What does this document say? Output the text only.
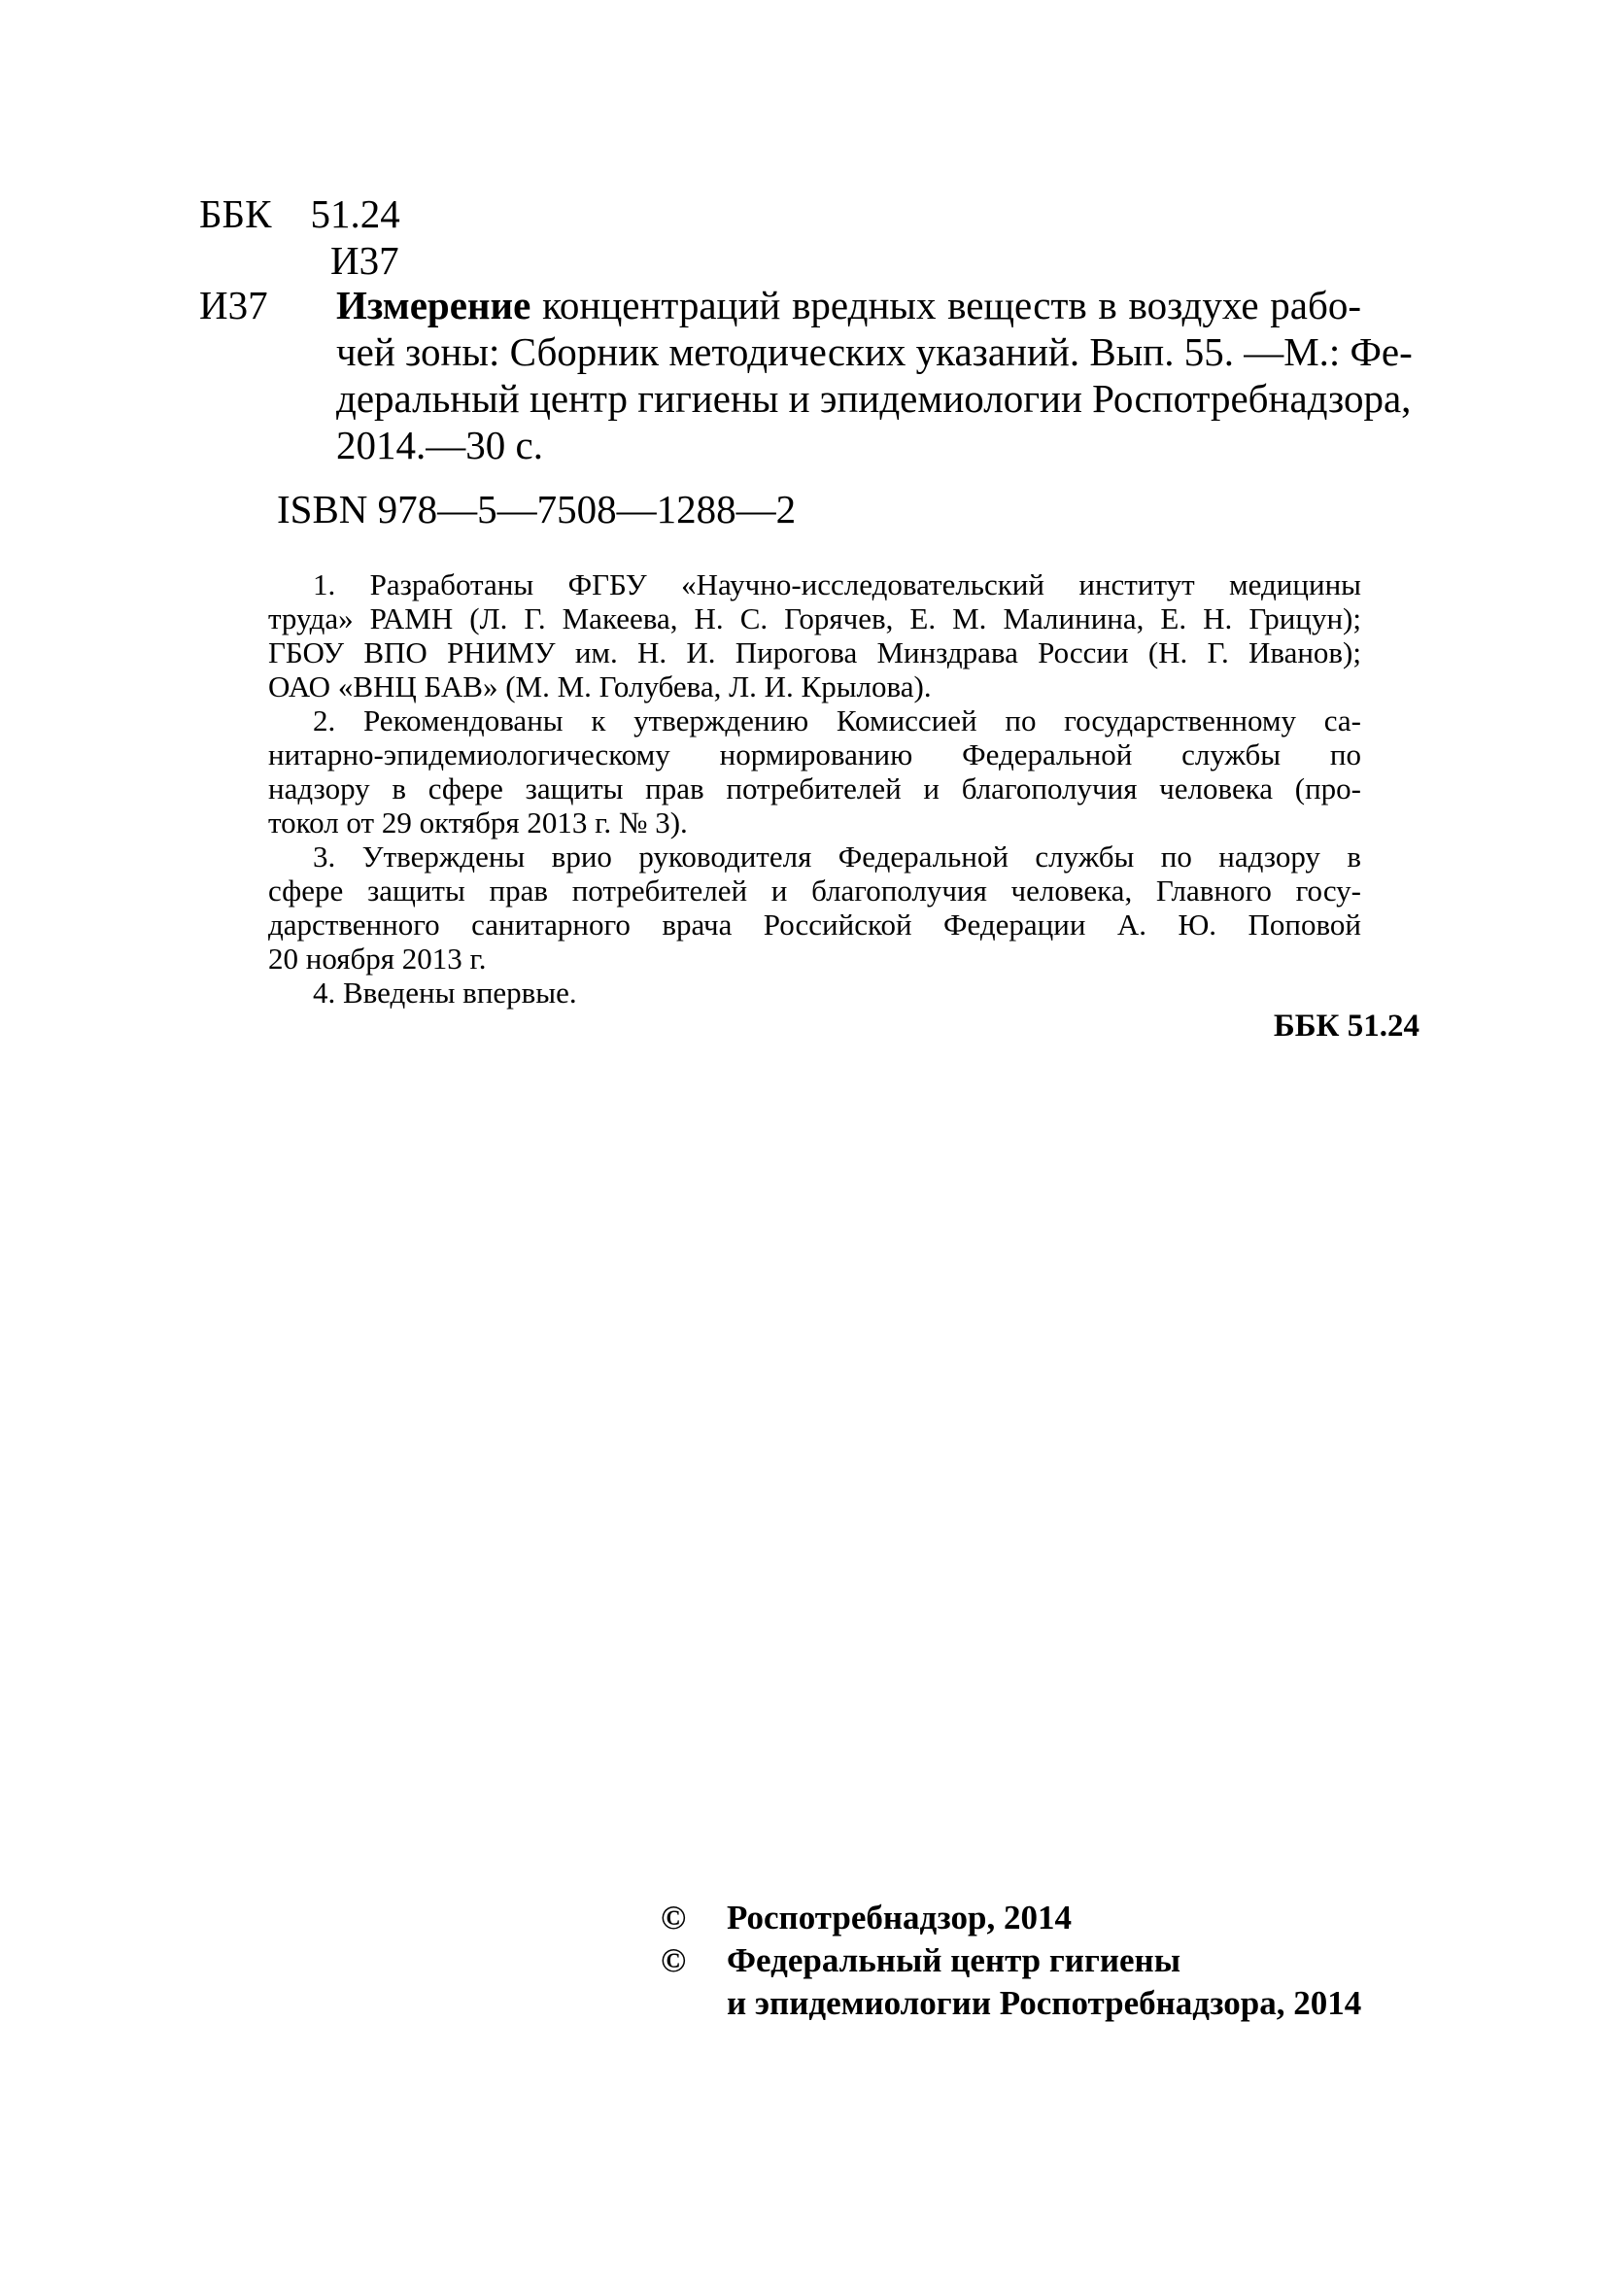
ББК 51.24
И37
И37 Измерение концентраций вредных веществ в воздухе рабо-
чей зоны: Сборник методических указаний. Вып. 55. —М.: Фе-
деральный центр гигиены и эпидемиологии Роспотребнадзора,
2014.—30 с.
ISBN 978—5—7508—1288—2
1. Разработаны ФГБУ «Научно-исследовательский институт медицины
труда» РАМН (Л. Г. Макеева, Н. С. Горячев, Е. М. Малинина, Е. Н. Грицун);
ГБОУ ВПО РНИМУ им. Н. И. Пирогова Минздрава России (Н. Г. Иванов);
ОАО «ВНЦ БАВ» (М. М. Голубева, Л. И. Крылова).
2. Рекомендованы к утверждению Комиссией по государственному са-
нитарно-эпидемиологическому нормированию Федеральной службы по
надзору в сфере защиты прав потребителей и благополучия человека (про-
токол от 29 октября 2013 г. № 3).
3. Утверждены врио руководителя Федеральной службы по надзору в
сфере защиты прав потребителей и благополучия человека, Главного госу-
дарственного санитарного врача Российской Федерации А. Ю. Поповой
20 ноября 2013 г.
4. Введены впервые.
ББК 51.24
© Роспотребнадзор, 2014
© Федеральный центр гигиены
и эпидемиологии Роспотребнадзора, 2014
